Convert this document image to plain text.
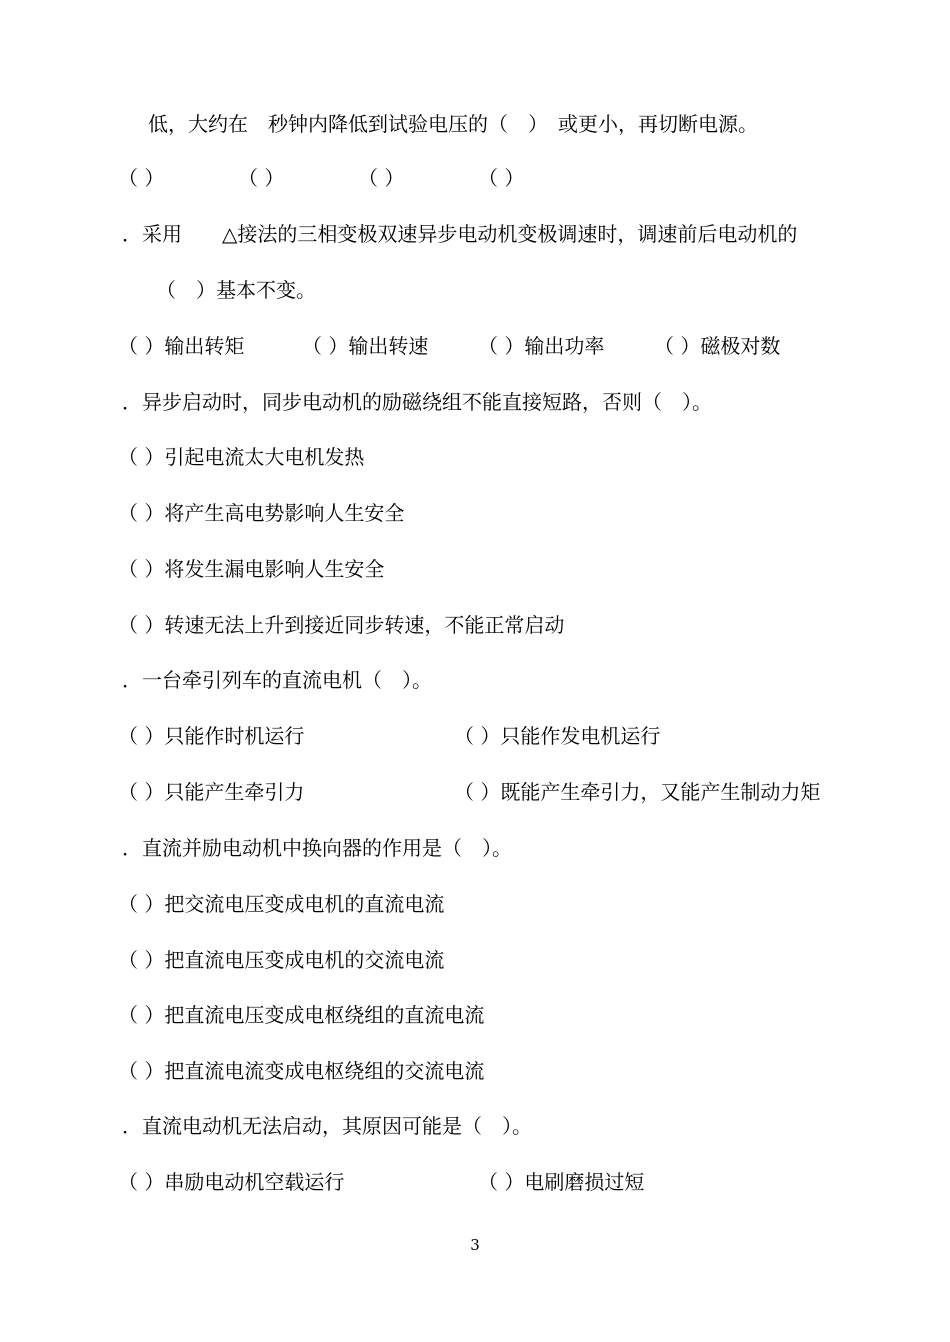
低，大约在　秒钟内降低到试验电压的（　）　或更小，再切断电源。
（ ）	（ ）	（ ）	（ ）
．采用　　△接法的三相变极双速异步电动机变极调速时，调速前后电动机的
（　）基本不变。
（ ）输出转矩	（ ）输出转速 （ ）输出功率 （ ）磁极对数
．异步启动时，同步电动机的励磁绕组不能直接短路，否则（　）。
（ ）引起电流太大电机发热
（ ）将产生高电势影响人生安全
（ ）将发生漏电影响人生安全
（ ）转速无法上升到接近同步转速，不能正常启动
．一台牵引列车的直流电机（　）。
（ ）只能作时机运行	（ ）只能作发电机运行
（ ）只能产生牵引力	（ ）既能产生牵引力，又能产生制动力矩
．直流并励电动机中换向器的作用是（　）。
（ ）把交流电压变成电机的直流电流
（ ）把直流电压变成电机的交流电流
（ ）把直流电压变成电枢绕组的直流电流
（ ）把直流电流变成电枢绕组的交流电流
．直流电动机无法启动，其原因可能是（　）。
（ ）串励电动机空载运行	（ ）电刷磨损过短
3
